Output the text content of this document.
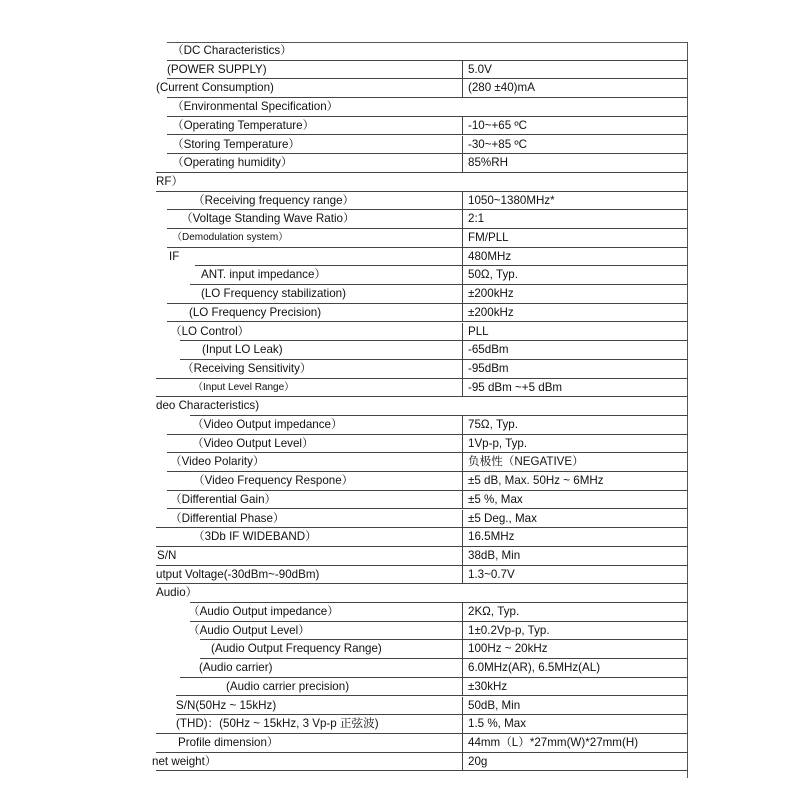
（DC Characteristics）
(POWER SUPPLY)	5.0V
(Current Consumption)	(280 ±40)mA
（Environmental Specification）
（Operating Temperature）	-10~+65 ºC
（Storing Temperature）	-30~+85 ºC
（Operating humidity）	85%RH
RF）
（Receiving frequency range）	1050~1380MHz*
（Voltage Standing Wave Ratio）	2:1
（Demodulation system）	FM/PLL
IF	480MHz
ANT. input impedance）	50Ω, Typ.
(LO Frequency stabilization)	±200kHz
(LO Frequency Precision)	±200kHz
（LO Control）	PLL
(Input LO Leak)	-65dBm
（Receiving Sensitivity）	-95dBm
（Input Level Range）	-95 dBm ~+5 dBm
deo Characteristics)
（Video Output impedance）	75Ω, Typ.
（Video Output Level）	1Vp-p, Typ.
（Video Polarity）	负极性（NEGATIVE）
（Video Frequency Respone）	±5 dB, Max. 50Hz ~ 6MHz
（Differential Gain）	±5 %, Max
（Differential Phase）	±5 Deg., Max
（3Db IF WIDEBAND）	16.5MHz
S/N	38dB, Min
utput Voltage(-30dBm~-90dBm)	1.3~0.7V
Audio）
（Audio Output impedance）	2KΩ, Typ.
（Audio Output Level）	1±0.2Vp-p, Typ.
(Audio Output Frequency Range)	100Hz ~ 20kHz
(Audio carrier)	6.0MHz(AR), 6.5MHz(AL)
(Audio carrier precision)	±30kHz
S/N(50Hz ~ 15kHz)	50dB, Min
(THD)：(50Hz ~ 15kHz, 3 Vp-p 正弦波)	1.5 %, Max
Profile dimension）	44mm（L）*27mm(W)*27mm(H)
net weight）	20g
